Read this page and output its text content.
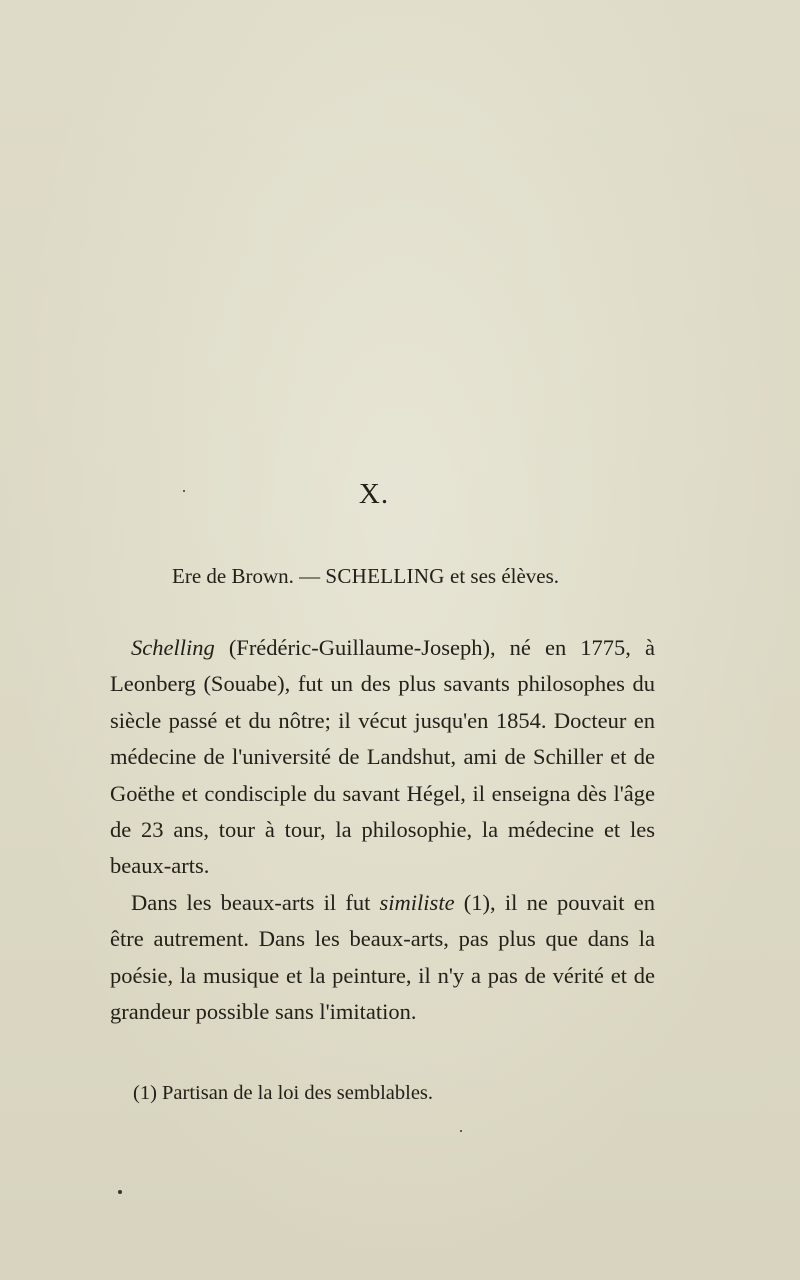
X.
Ere de Brown. — SCHELLING et ses élèves.

Schelling (Frédéric-Guillaume-Joseph), né en 1775, à Leonberg (Souabe), fut un des plus savants philosophes du siècle passé et du nôtre; il vécut jusqu'en 1854. Docteur en médecine de l'université de Landshut, ami de Schiller et de Goëthe et condisciple du savant Hégel, il enseigna dès l'âge de 23 ans, tour à tour, la philosophie, la médecine et les beaux-arts.

Dans les beaux-arts il fut similiste (1), il ne pouvait en être autrement. Dans les beaux-arts, pas plus que dans la poésie, la musique et la peinture, il n'y a pas de vérité et de grandeur possible sans l'imitation.

(1) Partisan de la loi des semblables.
